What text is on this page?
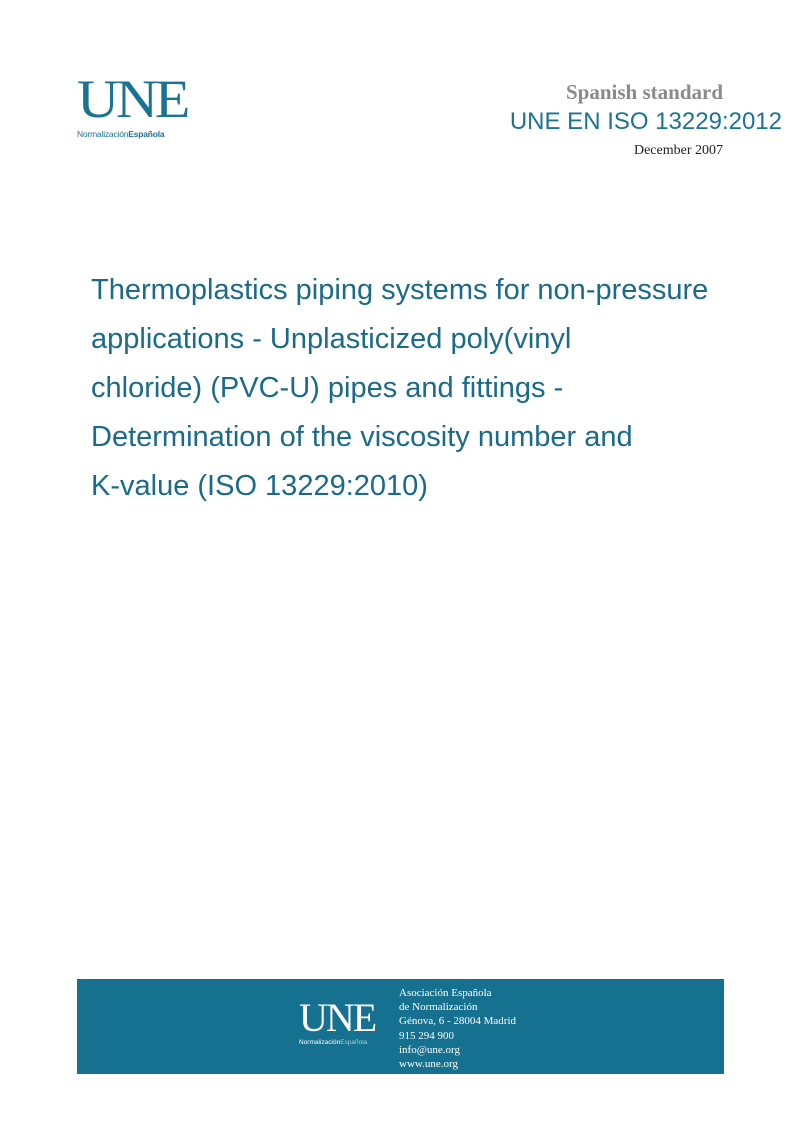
UNE
NormalizaciónEspañola
Spanish standard
UNE EN ISO 13229:2012
December 2007
Thermoplastics piping systems for non-pressure
applications - Unplasticized poly(vinyl
chloride) (PVC-U) pipes and fittings -
Determination of the viscosity number and
K-value (ISO 13229:2010)
UNE
NormalizaciónEspañola
Asociación Española
de Normalización
Génova, 6 - 28004 Madrid
915 294 900
info@une.org
www.une.org
